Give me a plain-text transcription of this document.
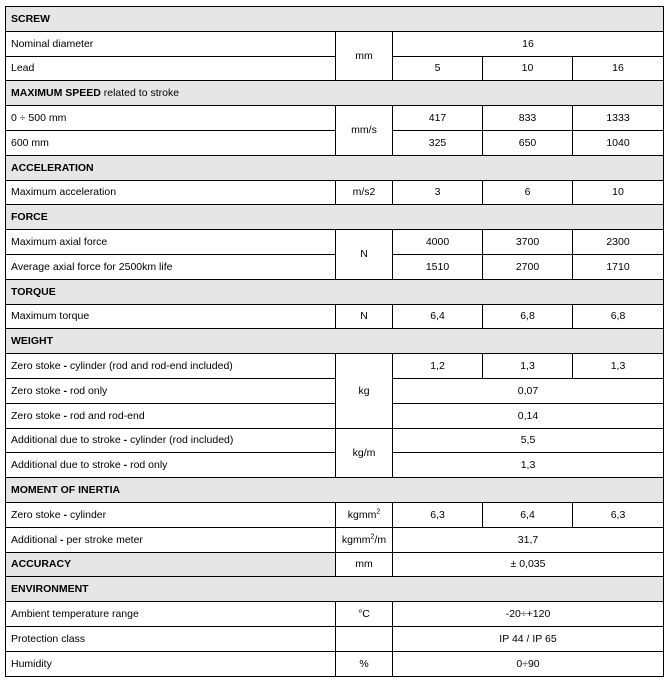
SCREW				
Nominal diameter	mm	16		
Lead		5	10	16
MAXIMUM SPEED related to stroke				
0 ÷ 500 mm	mm/s	417	833	1333
600 mm		325	650	1040
ACCELERATION				
Maximum acceleration	m/s2	3	6	10
FORCE				
Maximum axial force	N	4000	3700	2300
Average axial force for 2500km life		1510	2700	1710
TORQUE				
Maximum torque	N	6,4	6,8	6,8
WEIGHT				
Zero stoke - cylinder (rod and rod-end included)	kg	1,2	1,3	1,3
Zero stoke - rod only		0,07		
Zero stoke - rod and rod-end		0,14		
Additional due to stroke - cylinder (rod included)	kg/m	5,5		
Additional due to stroke - rod only		1,3		
MOMENT OF INERTIA				
Zero stoke - cylinder	kgmm$^2$	6,3	6,4	6,3
Additional - per stroke meter	kgmm$^2$/m	31,7		
ACCURACY	mm	± 0,035		
ENVIRONMENT				
Ambient temperature range	°C	-20÷+120		
Protection class		IP 44 / IP 65		
Humidity	%	0÷90		
